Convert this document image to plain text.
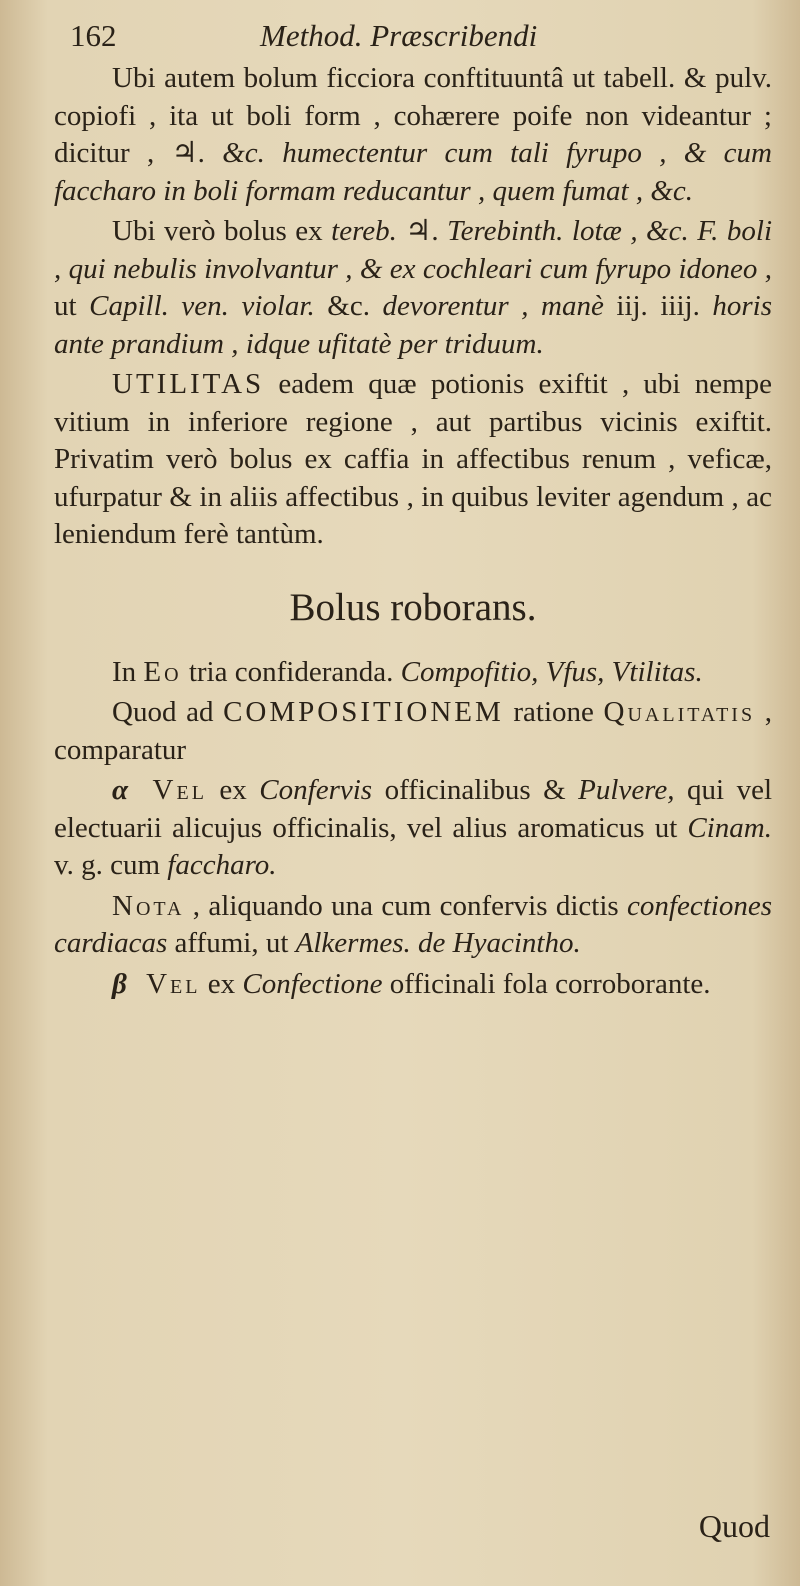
162	Method. Præscribendi

Ubi autem bolum ficciora conftituuntâ ut tabell. & pulv. copiofi , ita ut boli form , cohærere poife non videantur ; dicitur , ♃. &c. humectentur cum tali fyrupo , & cum faccharo in boli formam reducantur , quem fumat , &c.

Ubi verò bolus ex tereb. ♃. Terebinth. lotæ , &c. F. boli , qui nebulis involvantur , & ex cochleari cum fyrupo idoneo , ut Capill. ven. violar. &c. devorentur , manè iij. iiij. horis ante prandium , idque ufitatè per triduum.

UTILITAS eadem quæ potionis exiftit , ubi nempe vitium in inferiore regione , aut partibus vicinis exiftit. Privatim verò bolus ex caffia in affectibus renum , veficæ, ufurpatur & in aliis affectibus , in quibus leviter agendum , ac leniendum ferè tantùm.

Bolus roborans.

In Eo tria confideranda. Compofitio, Vfus, Vtilitas.

Quod ad COMPOSITIONEM ratione Qualitatis , comparatur

α Vel ex Confervis officinalibus & Pulvere, qui vel electuarii alicujus officinalis, vel alius aromaticus ut Cinam. v. g. cum faccharo.

Nota , aliquando una cum confervis dictis confectiones cardiacas affumi, ut Alkermes. de Hyacintho.

β Vel ex Confectione officinali fola corroborante.

Quod
